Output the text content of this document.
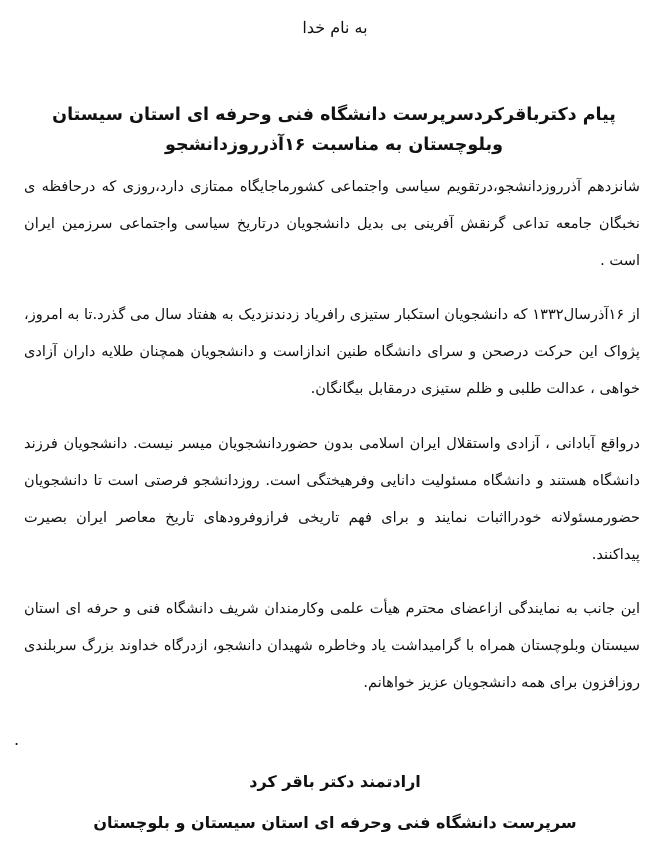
به نام خدا
پیام دکترباقرکردسرپرست دانشگاه فنی وحرفه ای استان سیستان وبلوچستان به مناسبت ۱۶آذرروزدانشجو
شانزدهم آذرروزدانشجو،درتقویم سیاسی واجتماعی کشورماجایگاه ممتازی دارد،روزی که درحافظه ی نخبگان جامعه تداعی گرنقش آفرینی بی بدیل دانشجویان درتاریخ سیاسی واجتماعی سرزمین ایران است .
از ۱۶آذرسال۱۳۳۲ که دانشجویان استکبار ستیزی رافریاد زدندنزدیک به هفتاد سال می گذرد.تا به امروز، پژواک این حرکت درصحن و سرای دانشگاه طنین اندازاست و دانشجویان همچنان طلایه داران آزادی خواهی ، عدالت طلبی و ظلم ستیزی درمقابل بیگانگان.
درواقع آبادانی ، آزادی واستقلال ایران اسلامی بدون حضوردانشجویان میسر نیست. دانشجویان فرزند دانشگاه هستند و دانشگاه مسئولیت دانایی وفرهیختگی است. روزدانشجو فرصتی است تا دانشجویان حضورمسئولانه خودرااثبات نمایند و برای فهم تاریخی فرازوفرودهای تاریخ معاصر ایران بصیرت پیداکنند.
این جانب به نمایندگی ازاعضای محترم هیأت علمی وکارمندان شریف دانشگاه فنی و حرفه ای استان سیستان وبلوچستان همراه با گرامیداشت یاد وخاطره شهیدان دانشجو، ازدرگاه خداوند بزرگ سربلندی روزافزون برای همه دانشجویان عزیز خواهانم.
.
ارادتمند دکتر باقر کرد
سرپرست دانشگاه فنی وحرفه ای استان سیستان و بلوچستان
